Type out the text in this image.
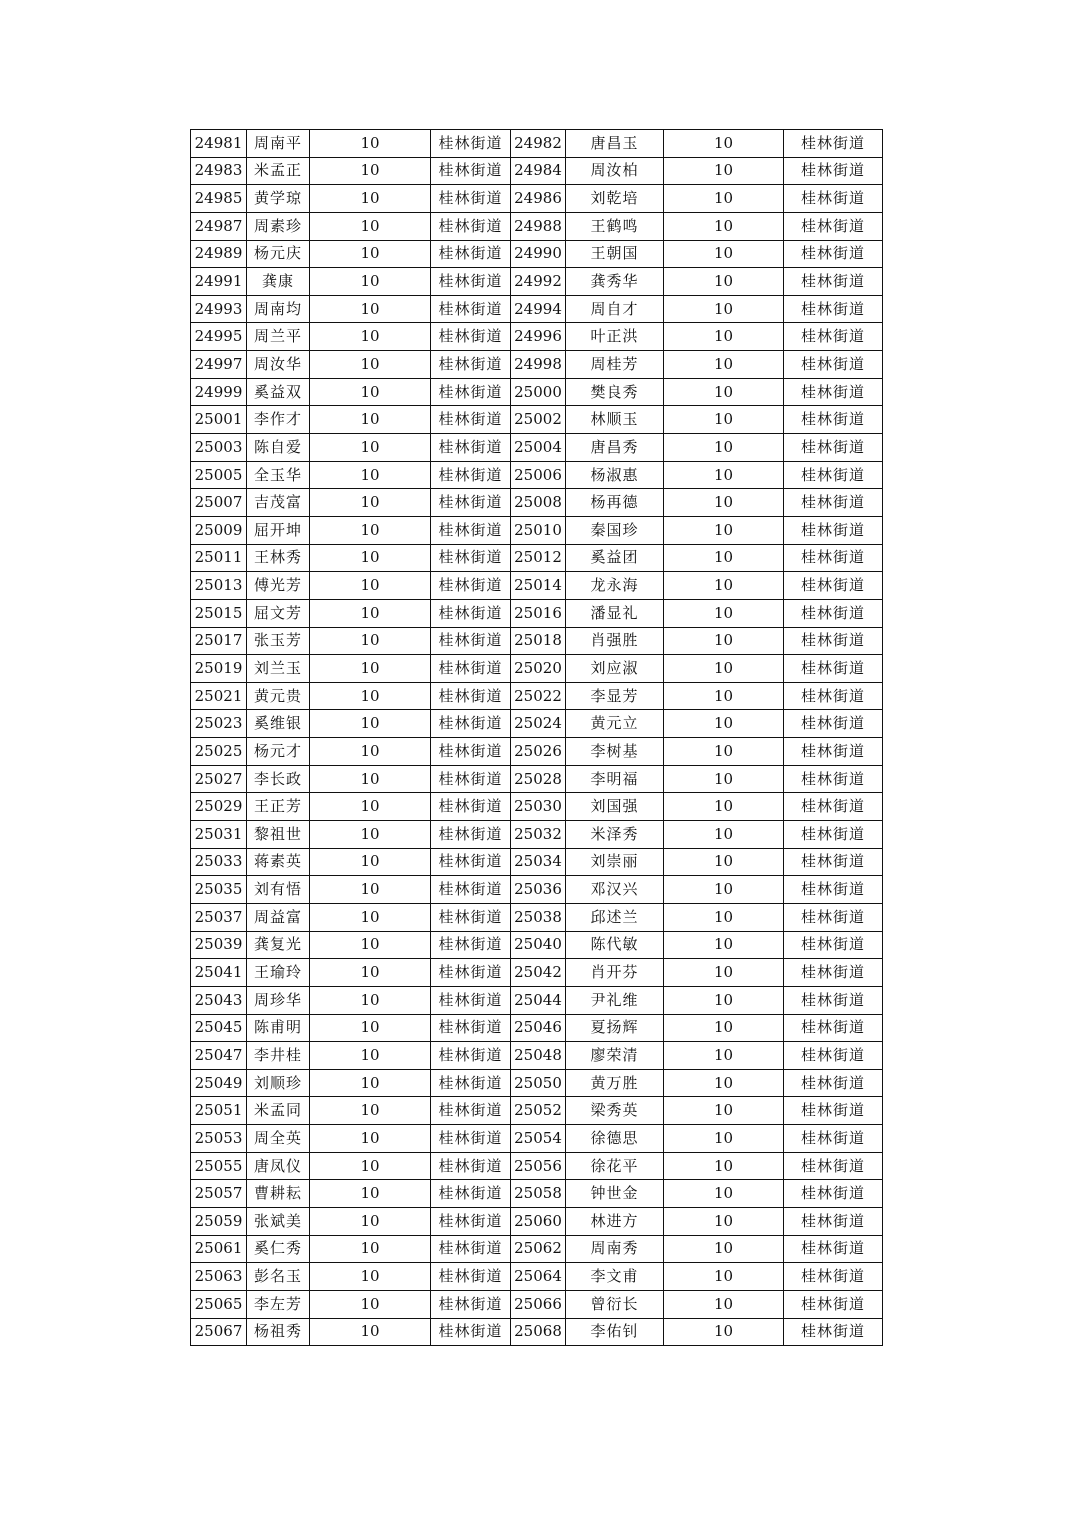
24981	周南平	10	桂林街道	24982	唐昌玉	10	桂林街道
24983	米孟正	10	桂林街道	24984	周汝柏	10	桂林街道
24985	黄学琼	10	桂林街道	24986	刘乾培	10	桂林街道
24987	周素珍	10	桂林街道	24988	王鹤鸣	10	桂林街道
24989	杨元庆	10	桂林街道	24990	王朝国	10	桂林街道
24991	龚康	10	桂林街道	24992	龚秀华	10	桂林街道
24993	周南均	10	桂林街道	24994	周自才	10	桂林街道
24995	周兰平	10	桂林街道	24996	叶正洪	10	桂林街道
24997	周汝华	10	桂林街道	24998	周桂芳	10	桂林街道
24999	奚益双	10	桂林街道	25000	樊良秀	10	桂林街道
25001	李作才	10	桂林街道	25002	林顺玉	10	桂林街道
25003	陈自爱	10	桂林街道	25004	唐昌秀	10	桂林街道
25005	全玉华	10	桂林街道	25006	杨淑惠	10	桂林街道
25007	吉茂富	10	桂林街道	25008	杨再德	10	桂林街道
25009	屈开坤	10	桂林街道	25010	秦国珍	10	桂林街道
25011	王林秀	10	桂林街道	25012	奚益团	10	桂林街道
25013	傅光芳	10	桂林街道	25014	龙永海	10	桂林街道
25015	屈文芳	10	桂林街道	25016	潘显礼	10	桂林街道
25017	张玉芳	10	桂林街道	25018	肖强胜	10	桂林街道
25019	刘兰玉	10	桂林街道	25020	刘应淑	10	桂林街道
25021	黄元贵	10	桂林街道	25022	李显芳	10	桂林街道
25023	奚维银	10	桂林街道	25024	黄元立	10	桂林街道
25025	杨元才	10	桂林街道	25026	李树基	10	桂林街道
25027	李长政	10	桂林街道	25028	李明福	10	桂林街道
25029	王正芳	10	桂林街道	25030	刘国强	10	桂林街道
25031	黎祖世	10	桂林街道	25032	米泽秀	10	桂林街道
25033	蒋素英	10	桂林街道	25034	刘崇丽	10	桂林街道
25035	刘有悟	10	桂林街道	25036	邓汉兴	10	桂林街道
25037	周益富	10	桂林街道	25038	邱述兰	10	桂林街道
25039	龚复光	10	桂林街道	25040	陈代敏	10	桂林街道
25041	王瑜玲	10	桂林街道	25042	肖开芬	10	桂林街道
25043	周珍华	10	桂林街道	25044	尹礼维	10	桂林街道
25045	陈甫明	10	桂林街道	25046	夏扬辉	10	桂林街道
25047	李井桂	10	桂林街道	25048	廖荣清	10	桂林街道
25049	刘顺珍	10	桂林街道	25050	黄万胜	10	桂林街道
25051	米孟同	10	桂林街道	25052	梁秀英	10	桂林街道
25053	周全英	10	桂林街道	25054	徐德思	10	桂林街道
25055	唐凤仪	10	桂林街道	25056	徐花平	10	桂林街道
25057	曹耕耘	10	桂林街道	25058	钟世金	10	桂林街道
25059	张斌美	10	桂林街道	25060	林进方	10	桂林街道
25061	奚仁秀	10	桂林街道	25062	周南秀	10	桂林街道
25063	彭名玉	10	桂林街道	25064	李文甫	10	桂林街道
25065	李左芳	10	桂林街道	25066	曾衍长	10	桂林街道
25067	杨祖秀	10	桂林街道	25068	李佑钊	10	桂林街道
